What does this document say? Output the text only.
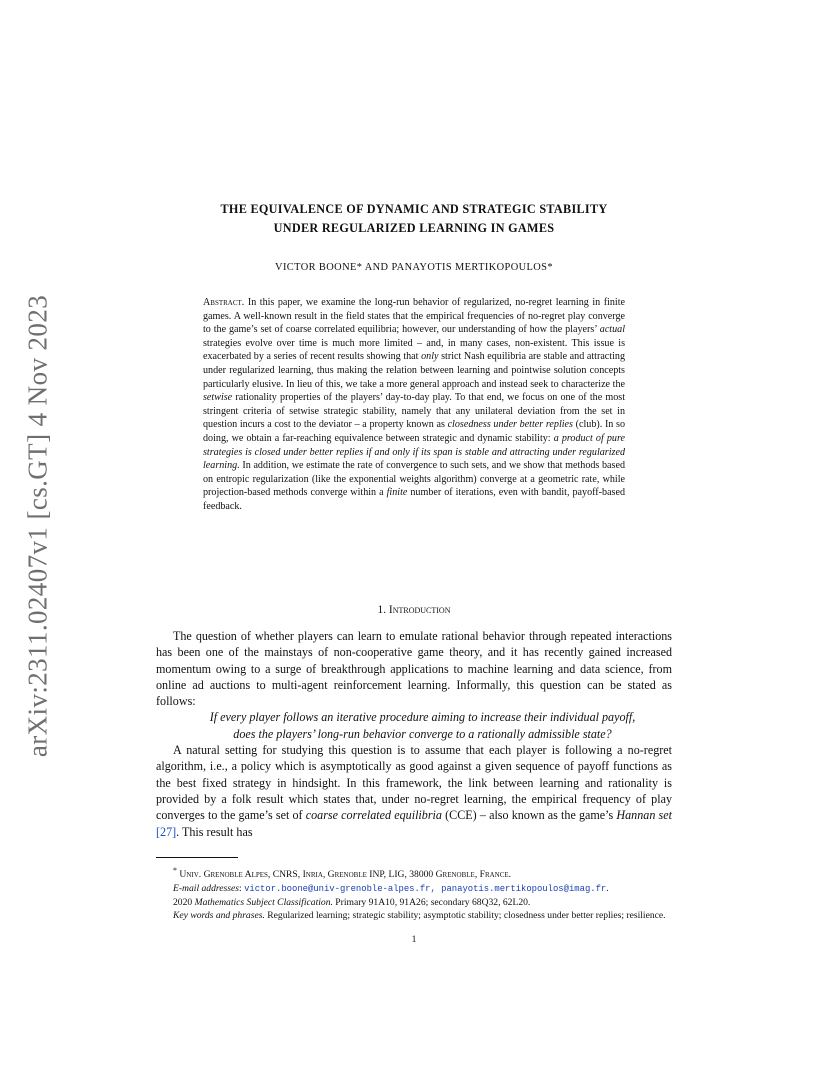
arXiv:2311.02407v1 [cs.GT] 4 Nov 2023
THE EQUIVALENCE OF DYNAMIC AND STRATEGIC STABILITY
UNDER REGULARIZED LEARNING IN GAMES
VICTOR BOONE* AND PANAYOTIS MERTIKOPOULOS*
Abstract. In this paper, we examine the long-run behavior of regularized, no-regret learning in finite games. A well-known result in the field states that the empirical frequencies of no-regret play converge to the game’s set of coarse correlated equilibria; however, our understanding of how the players’ actual strategies evolve over time is much more limited – and, in many cases, non-existent. This issue is exacerbated by a series of recent results showing that only strict Nash equilibria are stable and attracting under regularized learning, thus making the relation between learning and pointwise solution concepts particularly elusive. In lieu of this, we take a more general approach and instead seek to characterize the setwise rationality properties of the players’ day-to-day play. To that end, we focus on one of the most stringent criteria of setwise strategic stability, namely that any unilateral deviation from the set in question incurs a cost to the deviator – a property known as closedness under better replies (club). In so doing, we obtain a far-reaching equivalence between strategic and dynamic stability: a product of pure strategies is closed under better replies if and only if its span is stable and attracting under regularized learning. In addition, we estimate the rate of convergence to such sets, and we show that methods based on entropic regularization (like the exponential weights algorithm) converge at a geometric rate, while projection-based methods converge within a finite number of iterations, even with bandit, payoff-based feedback.
1. Introduction

The question of whether players can learn to emulate rational behavior through repeated interactions has been one of the mainstays of non-cooperative game theory, and it has recently gained increased momentum owing to a surge of breakthrough applications to machine learning and data science, from online ad auctions to multi-agent reinforcement learning. Informally, this question can be stated as follows:

If every player follows an iterative procedure aiming to increase their individual payoff,

does the players’ long-run behavior converge to a rationally admissible state?

A natural setting for studying this question is to assume that each player is following a no-regret algorithm, i.e., a policy which is asymptotically as good against a given sequence of payoff functions as the best fixed strategy in hindsight. In this framework, the link between learning and rationality is provided by a folk result which states that, under no-regret learning, the empirical frequency of play converges to the game’s set of coarse correlated equilibria (CCE) – also known as the game’s Hannan set [27]. This result has

* Univ. Grenoble Alpes, CNRS, Inria, Grenoble INP, LIG, 38000 Grenoble, France.

E-mail addresses: victor.boone@univ-grenoble-alpes.fr, panayotis.mertikopoulos@imag.fr.

2020 Mathematics Subject Classification. Primary 91A10, 91A26; secondary 68Q32, 62L20.

Key words and phrases. Regularized learning; strategic stability; asymptotic stability; closedness under better replies; resilience.

1
